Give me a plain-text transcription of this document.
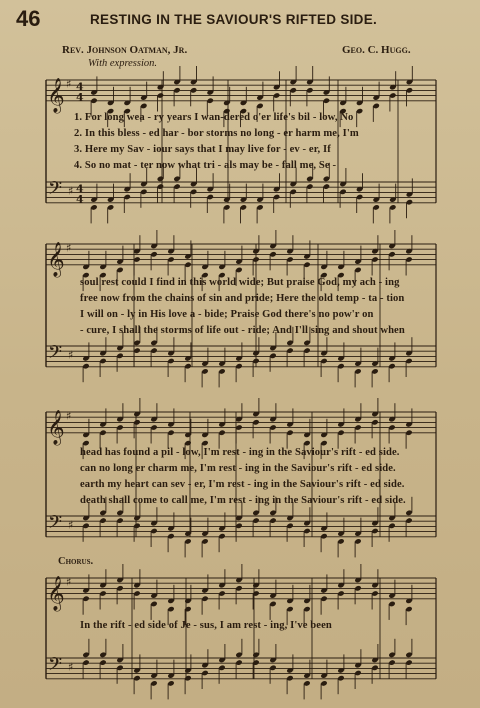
46	RESTING IN THE SAVIOUR'S RIFTED SIDE.
Rev. Johnson Oatman, Jr.	Geo. C. Hugg.
With expression.
𝄞
𝄢
♯
♯
4
4
4
4
𝄞
𝄢
♯
♯
𝄞
𝄢
♯
♯
𝄞
𝄢
♯
♯
1. For long wea - ry years I wan-dered o'er life's bil - low, No
2. In this bless - ed har - bor storms no long - er harm me, I'm
3. Here my Sav - iour says that I may live for - ev - er, If
4. So no mat - ter now what tri - als may be - fall me, Se -
soul rest could I find in this world wide; But praise God, my ach - ing
free now from the chains of sin and pride; Here the old temp - ta - tion
I will on - ly in His love a - bide; Praise God there's no pow'r on
- cure, I shall the storms of life out - ride; And I'll sing and shout when
head has found a pil - low, I'm rest - ing in the Saviour's rift - ed side.
can no long er charm me, I'm rest - ing in the Saviour's rift - ed side.
earth my heart can sev - er, I'm rest - ing in the Saviour's rift - ed side.
death shall come to call me, I'm rest - ing in the Saviour's rift - ed side.
Chorus.
In the rift - ed side of Je - sus, I am rest - ing, I've been
